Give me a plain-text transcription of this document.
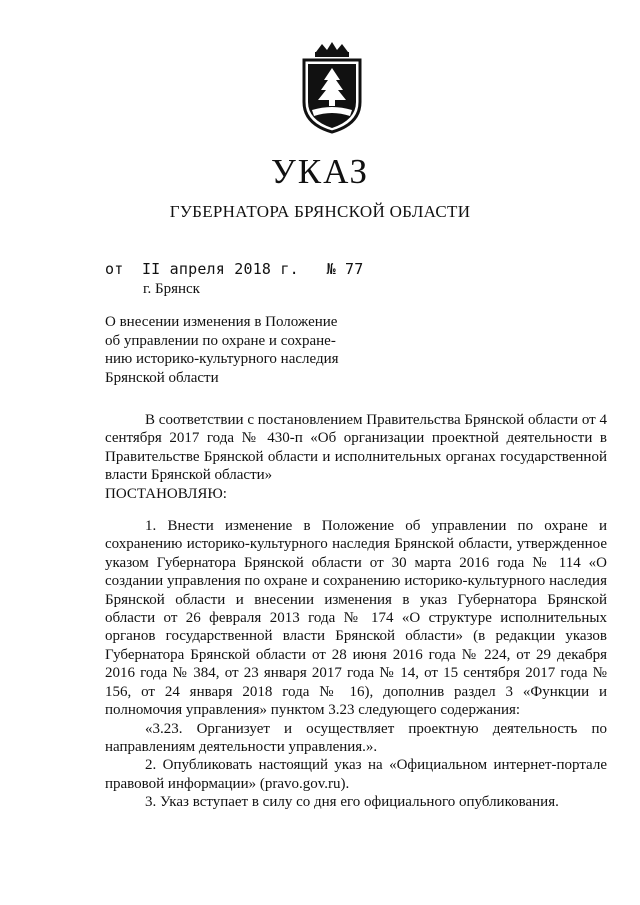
УКАЗ
ГУБЕРНАТОРА БРЯНСКОЙ ОБЛАСТИ
от II апреля 2018 г. № 77
г. Брянск
О внесении изменения в Положение
об управлении по охране и сохране-
нию историко-культурного наследия
Брянской области

В соответствии с постановлением Правительства Брянской области от 4 сентября 2017 года № 430-п «Об организации проектной деятельности в Правительстве Брянской области и исполнительных органах государственной власти Брянской области»

ПОСТАНОВЛЯЮ:

1. Внести изменение в Положение об управлении по охране и сохранению историко-культурного наследия Брянской области, утвержденное указом Губернатора Брянской области от 30 марта 2016 года № 114 «О создании управления по охране и сохранению историко-культурного наследия Брянской области и внесении изменения в указ Губернатора Брянской области от 26 февраля 2013 года № 174 «О структуре исполнительных органов государственной власти Брянской области» (в редакции указов Губернатора Брянской области от 28 июня 2016 года № 224, от 29 декабря 2016 года № 384, от 23 января 2017 года № 14, от 15 сентября 2017 года № 156, от 24 января 2018 года № 16), дополнив раздел 3 «Функции и полномочия управления» пунктом 3.23 следующего содержания:

«3.23. Организует и осуществляет проектную деятельность по направлениям деятельности управления.».

2. Опубликовать настоящий указ на «Официальном интернет-портале правовой информации» (pravo.gov.ru).

3. Указ вступает в силу со дня его официального опубликования.
